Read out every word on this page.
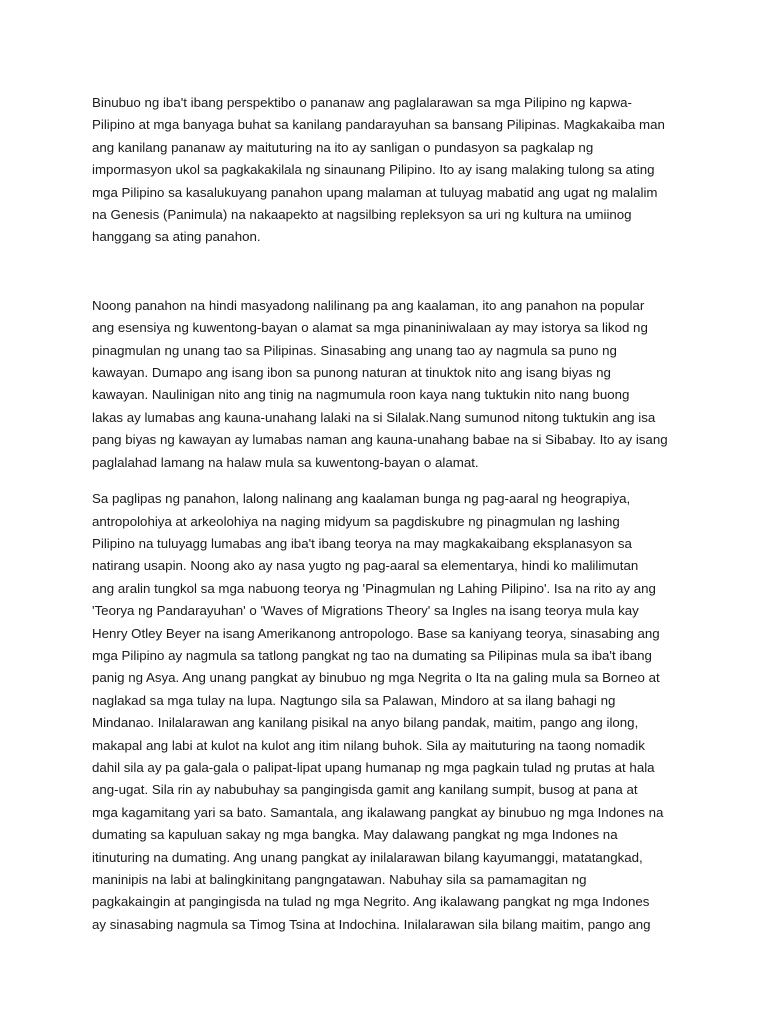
Binubuo ng iba't ibang perspektibo o pananaw ang paglalarawan sa mga Pilipino ng kapwa-
Pilipino at mga banyaga buhat sa kanilang pandarayuhan sa bansang Pilipinas. Magkakaiba man
ang kanilang pananaw ay maituturing na ito ay sanligan o pundasyon sa pagkalap ng
impormasyon ukol sa pagkakakilala ng sinaunang Pilipino. Ito ay isang malaking tulong sa ating
mga Pilipino sa kasalukuyang panahon upang malaman at tuluyag mabatid ang ugat ng malalim
na Genesis (Panimula) na nakaapekto at nagsilbing repleksyon sa uri ng kultura na umiinog
hanggang sa ating panahon.
Noong panahon na hindi masyadong nalilinang pa ang kaalaman, ito ang panahon na popular
ang esensiya ng kuwentong-bayan o alamat sa mga pinaniniwalaan ay may istorya sa likod ng
pinagmulan ng unang tao sa Pilipinas. Sinasabing ang unang tao ay nagmula sa puno ng
kawayan. Dumapo ang isang ibon sa punong naturan at tinuktok nito ang isang biyas ng
kawayan. Naulinigan nito ang tinig na nagmumula roon kaya nang tuktukin nito nang buong
lakas ay lumabas ang kauna-unahang lalaki na si Silalak.Nang sumunod nitong tuktukin ang isa
pang biyas ng kawayan ay lumabas naman ang kauna-unahang babae na si Sibabay. Ito ay isang
paglalahad lamang na halaw mula sa kuwentong-bayan o alamat.
Sa paglipas ng panahon, lalong nalinang ang kaalaman bunga ng pag-aaral ng heograpiya,
antropolohiya at arkeolohiya na naging midyum sa pagdiskubre ng pinagmulan ng lashing
Pilipino na tuluyagg lumabas ang iba't ibang teorya na may magkakaibang eksplanasyon sa
natirang usapin. Noong ako ay nasa yugto ng pag-aaral sa elementarya, hindi ko malilimutan
ang aralin tungkol sa mga nabuong teorya ng 'Pinagmulan ng Lahing Pilipino'. Isa na rito ay ang
'Teorya ng Pandarayuhan' o 'Waves of Migrations Theory' sa Ingles na isang teorya mula kay
Henry Otley Beyer na isang Amerikanong antropologo. Base sa kaniyang teorya, sinasabing ang
mga Pilipino ay nagmula sa tatlong pangkat ng tao na dumating sa Pilipinas mula sa iba't ibang
panig ng Asya. Ang unang pangkat ay binubuo ng mga Negrita o Ita na galing mula sa Borneo at
naglakad sa mga tulay na lupa. Nagtungo sila sa Palawan, Mindoro at sa ilang bahagi ng
Mindanao. Inilalarawan ang kanilang pisikal na anyo bilang pandak, maitim, pango ang ilong,
makapal ang labi at kulot na kulot ang itim nilang buhok. Sila ay maituturing na taong nomadik
dahil sila ay pa gala-gala o palipat-lipat upang humanap ng mga pagkain tulad ng prutas at hala
ang-ugat. Sila rin ay nabubuhay sa pangingisda gamit ang kanilang sumpit, busog at pana at
mga kagamitang yari sa bato. Samantala, ang ikalawang pangkat ay binubuo ng mga Indones na
dumating sa kapuluan sakay ng mga bangka. May dalawang pangkat ng mga Indones na
itinuturing na dumating. Ang unang pangkat ay inilalarawan bilang kayumanggi, matatangkad,
maninipis na labi at balingkinitang pangngatawan. Nabuhay sila sa pamamagitan ng
pagkakaingin at pangingisda na tulad ng mga Negrito. Ang ikalawang pangkat ng mga Indones
ay sinasabing nagmula sa Timog Tsina at Indochina. Inilalarawan sila bilang maitim, pango ang
